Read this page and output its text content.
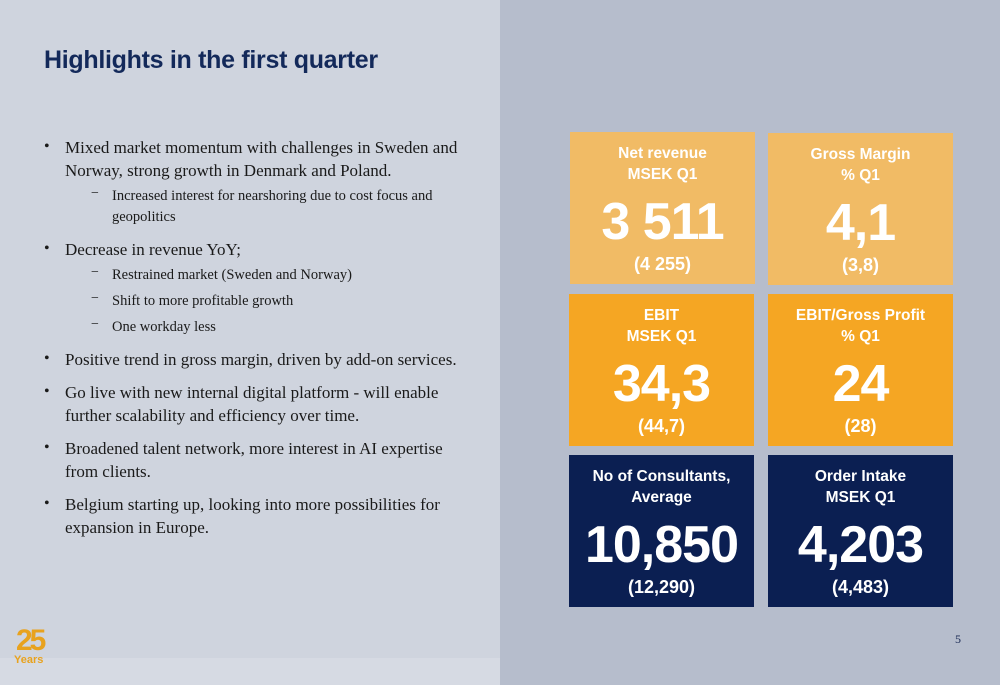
Highlights in the first quarter
• Mixed market momentum with challenges in Sweden and Norway, strong growth in Denmark and Poland.
− Increased interest for nearshoring due to cost focus and geopolitics
• Decrease in revenue YoY;
− Restrained market (Sweden and Norway)
− Shift to more profitable growth
− One workday less
• Positive trend in gross margin, driven by add-on services.
• Go live with new internal digital platform - will enable further scalability and efficiency over time.
• Broadened talent network, more interest in AI expertise from clients.
• Belgium starting up, looking into more possibilities for expansion in Europe.
Net revenue
MSEK Q1
3 511
(4 255)
Gross Margin
% Q1
4,1
(3,8)
EBIT
MSEK Q1
34,3
(44,7)
EBIT/Gross Profit
% Q1
24
(28)
No of Consultants,
Average
10,850
(12,290)
Order Intake
MSEK Q1
4,203
(4,483)
25
Years
5
